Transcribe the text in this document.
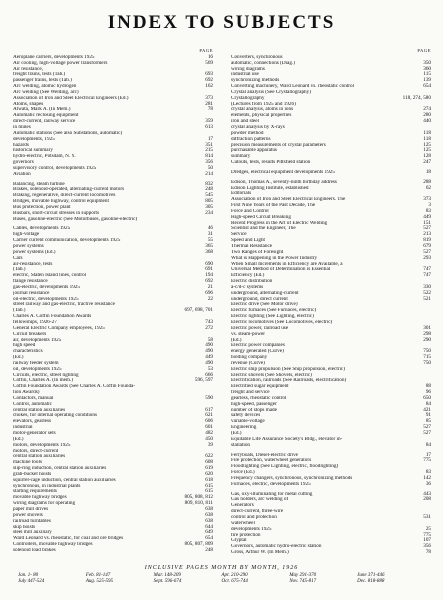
INDEX TO SUBJECTS
PAGE
Aeroplane carriers, developments 1925	16
Air cooling, high-voltage power transformers	569
Air resistance,
freight trains, tests (Tab.)	693
passenger trains, tests (Tab.)	692
Arc welding, atomic hydrogen	162
Arc welding (See Welding, arc)
Association of Iron and Steel Electrical Engineers (Ed.)	373
Atoms, shapes	281
Atwata, Mark A. (In Mem.)	78
Automatic reclosing equipment
direct-current, railway service	359
in mines	613
Automatic stations (See also Substations, automatic)
developments, 1925	17
hazards	351
historical summary	215
hydro-electric, Potsdam, N. Y.	814
governors	356
supervisory control, developments 1925	50
Aviation	214
Balancing, steam turbine	832
Brakes, solenoid-operated, alternating-current motors	248
Braking, regenerative, direct-current locomotives	545
Bridges, movable highway, control equipment	805
Bus protection, power plant	305
Busbars, short-circuit stresses in supports	234
Buses, gasoline-electric (See Motorbuses, gasoline-electric)
Cables, developments 1925	46
high-voltage	31
Carrier current communication, developments 1925	55
power systems	365
power systems (Ed.)	368
Cars
air-resistance, tests	690
(Tab.)	691
electric, Staten Island lines, control	194
flange resistance	692
gas-electric, developments 1925	21
journal resistance	696
oil-electric, developments 1925	22
street railway and gas-electric, tractive resistance
(Tab.)	697, 698, 701
Charles A. Coffin Foundation Awards
fellowships, 1926-27	743
General Electric Company employees, 1925	272
Circuit breakers
air, developments 1925	58
high speed	490
characteristics	490
(Ed.)	449
railway feeder system	490
oil, developments 1925	53
Circuits, electric, street lighting	666
Coffin, Charles A. (In mem.)	596, 597
Coffin Foundation Awards (See Charles A. Coffin Founda-
tion Awards)
Contactors, manual	590
Control, automatic
central station auxiliaries	617
chokes, for internal operating conditions	621
elevators, gearless	606
industrial	601
motor-generator sets	482
(Ed.)	450
motors, developments 1925	39
motors, direct-current
central station auxiliaries	622
machine tools	608
slip-ring induction, central station auxiliaries	619
grab-bucket hoists	620
squirrel-cage induction, central station auxiliaries	618
synchronous, in industrial plants	615
starting requirements	615
movable highway bridges	805, 808, 812
wiring diagrams for operating	809, 810, 811
paper mill drives	638
power shovels	638
railroad turntables	638
skip hoists	644
steel mill auxiliary	649
Ward Leonard vs. rheostatic, for coal and ore bridges	654
Controllers, movable highway bridges	805, 807, 809
solenoid load brakes	248
PAGE
Converters, synchronous
automatic, connections (Diag.)	350
wiring diagrams	360
industrial use	115
synchronizing methods	139
Converting machinery, Ward Leonard vs. rheostatic control	654
Crystal analysis (See Crystallography)
Crystallography	118, 274, 580
(Lectures from 1925 and 1926)
crystal analysis, atoms in ions	274
elements, physical properties	280
iron and steel	440
crystal analysis by X-rays
powder method	118
diffraction patterns	118
precision measurements of crystal parameters	125
purchasable apparatus	125
summary	128
Cutouts, tests, results Pittsfield station	247
Dredges, electrical equipment developments 1925	18
Edison, Thomas A., seventy-ninth birthday address	288
Edison Lighting Institute, established	62
Editorials
Association of Iron and Steel Electrical Engineers. The	373
First Nine Years of the Past Decade, The	3
Force and Control	83
High-speed Circuit Breaking	449
Recent Progress in the Art of Electric Welding	151
Scientist and the Engineer, The	527
Service	213
Speed and Light	819
Thermal Resistance	679
Two Ranges of Foresight	527
What is Happening in the Power Industry	293
When Small Increments in Efficiency are Available, a
Universal Method of Determination is Essential	747
Efficiency (Ed.)	747
Electric distribution
a-c/d-c systems	330
underground, alternating-current	522
underground, direct current	521
Electric drive (See Motor drive)
Electric furnaces (See Furnaces, electric)
Electric lighting (See Lighting, electric)
Electric locomotives (See Locomotives, electric)
Electric power, railroad use	301
vs. steam-power	298
(Ed.)	290
Electric power companies
energy generated (Curve)	750
holding company	715
revenue (Curve)	750
Electric ship propulsion (See Ship propulsion, electric)
Electric shovels (See Shovels, electric)
Electrification, railroads (See Railroads, electrification)
Electrified sugar equipment	88
freight and service	96
gearless, rheostatic control	650
high-speed, passenger	84
number of stops made	421
safety devices	91
variable-voltage	85
Engineering	527
(Ed.)	527
Equitable Life Assurance Society's Bldg., elevator in-
stallation	84
Ferryboats, Diesel-electric drive	17
Fire protection, waterwheel generators	775
Floodlighting (See Lighting, electric, floodlighting)
Force (Ed.)	83
Frequency changers, synchronous, synchronizing methods	142
Furnaces, electric, developments 1925	36
Gas, oxy-illuminating for metal cutting	443
Gas holders, arc welding of	208
Generators
direct-current, three-wire
control and protection	531
waterwheel
developments 1925	25
fire protection	775
Glyptal	107
Governors, automatic hydro-electric station	356
Gross, Arthur W. (In Mem.)	78
INCLUSIVE PAGES MONTH BY MONTH, 1926
Jan. 1- 80	Feb. 81-147	Mar. 148-209	Apr. 210-290	May 291-370	June 371-446
July 447-524	Aug. 525-595	Sept. 596-674	Oct. 675-744	Nov. 745-817	Dec. 818-888
